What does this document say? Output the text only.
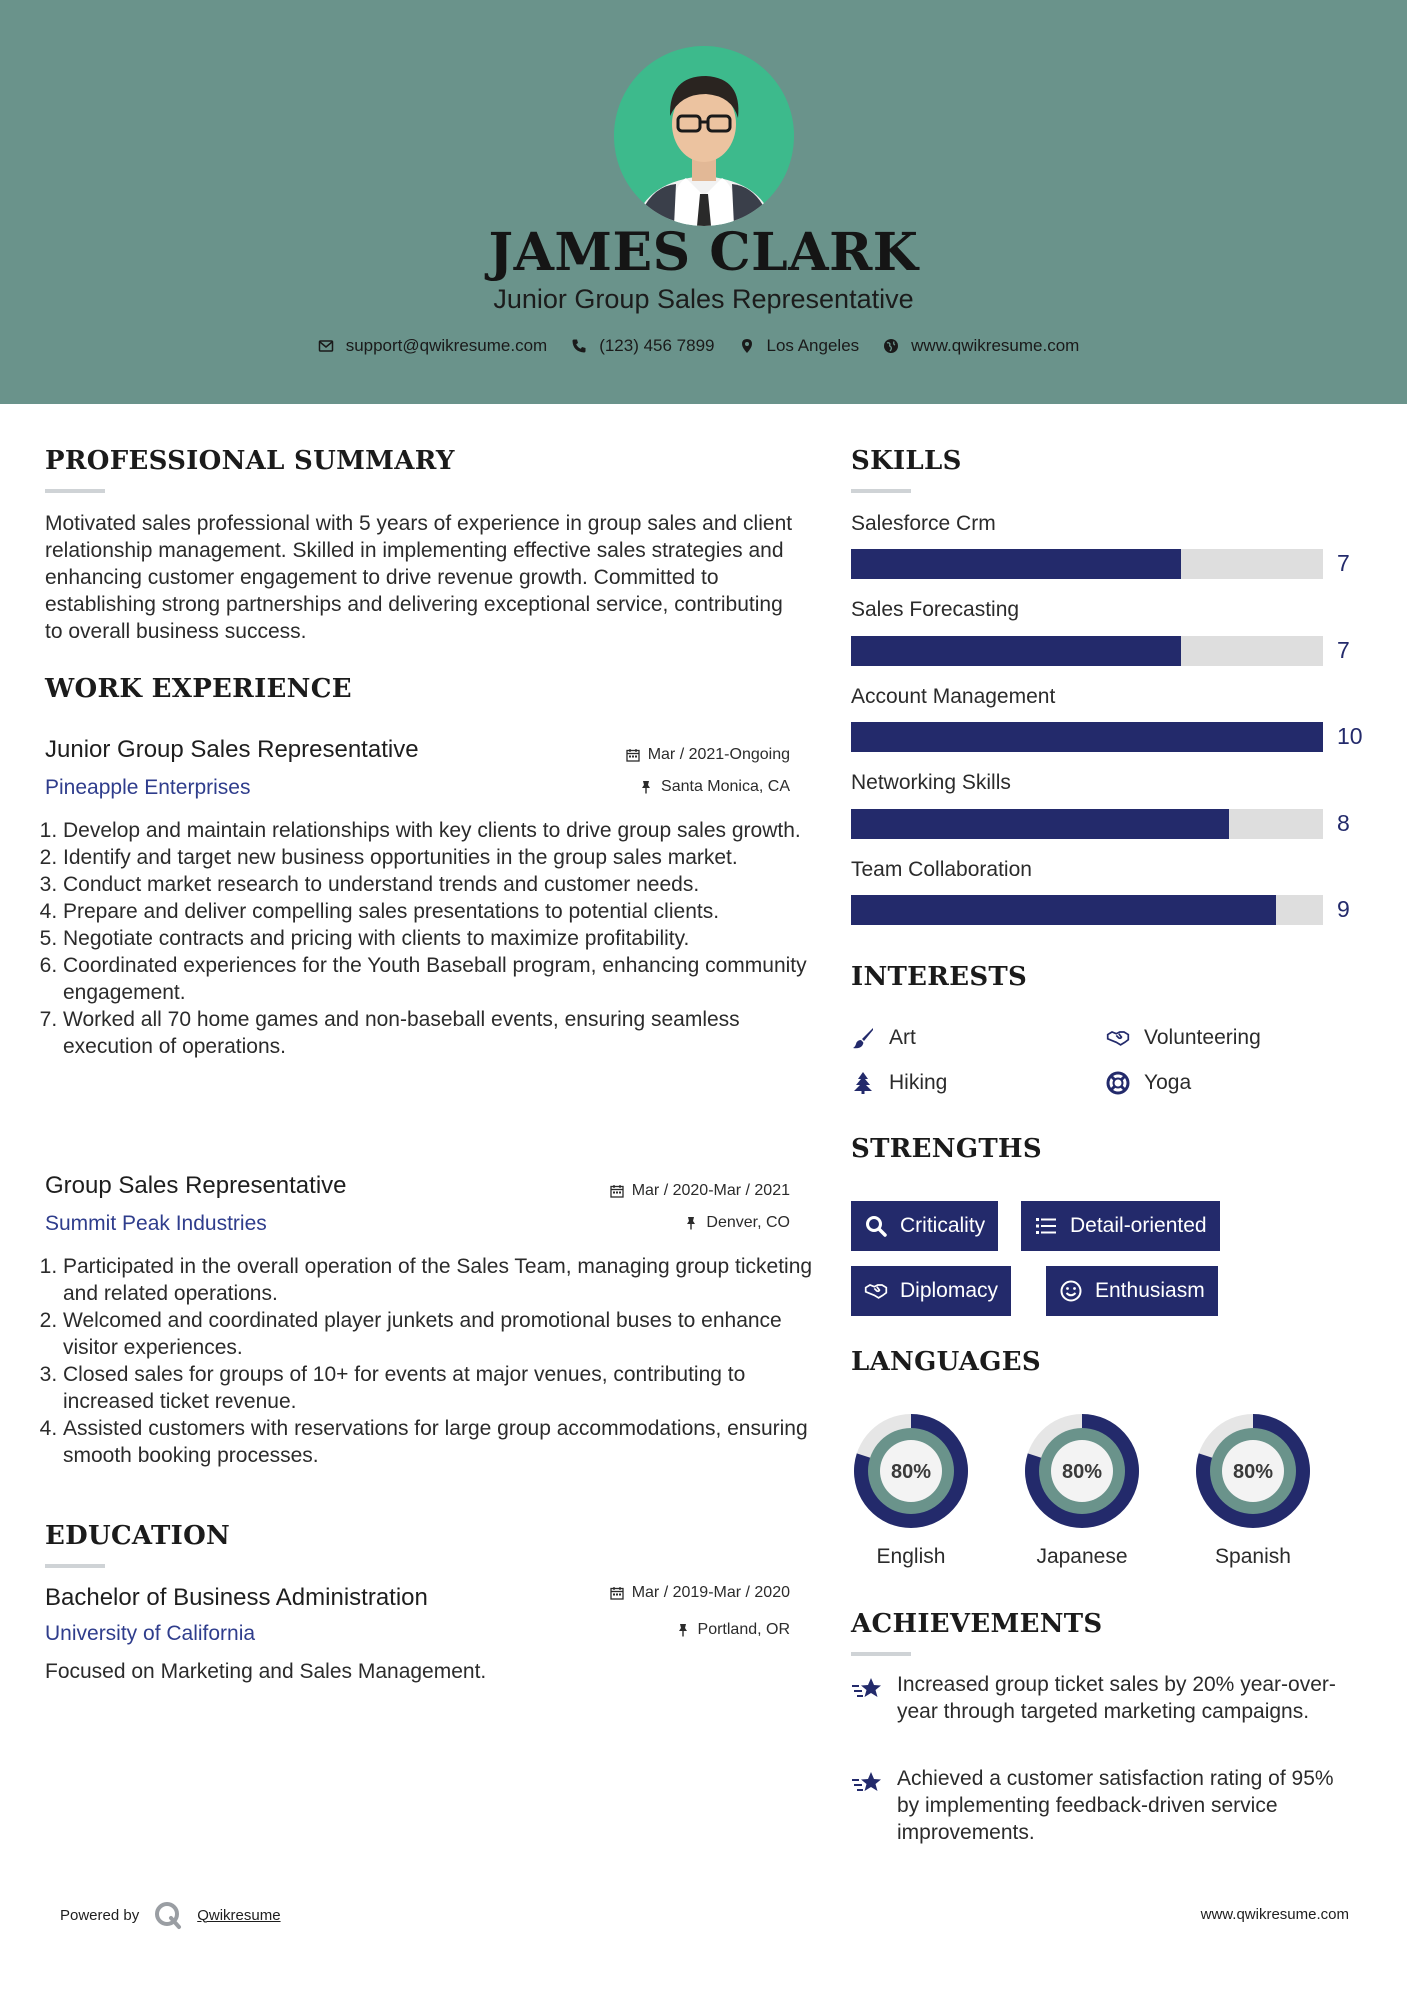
JAMES CLARK
Junior Group Sales Representative
support@qwikresume.com	(123) 456 7899	Los Angeles	www.qwikresume.com
PROFESSIONAL SUMMARY
Motivated sales professional with 5 years of experience in group sales and client relationship management. Skilled in implementing effective sales strategies and enhancing customer engagement to drive revenue growth. Committed to establishing strong partnerships and delivering exceptional service, contributing to overall business success.
WORK EXPERIENCE
Junior Group Sales Representative	Mar / 2021-Ongoing
Pineapple Enterprises	Santa Monica, CA
1. Develop and maintain relationships with key clients to drive group sales growth.
2. Identify and target new business opportunities in the group sales market.
3. Conduct market research to understand trends and customer needs.
4. Prepare and deliver compelling sales presentations to potential clients.
5. Negotiate contracts and pricing with clients to maximize profitability.
6. Coordinated experiences for the Youth Baseball program, enhancing community engagement.
7. Worked all 70 home games and non-baseball events, ensuring seamless execution of operations.
Group Sales Representative	Mar / 2020-Mar / 2021
Summit Peak Industries	Denver, CO
1. Participated in the overall operation of the Sales Team, managing group ticketing and related operations.
2. Welcomed and coordinated player junkets and promotional buses to enhance visitor experiences.
3. Closed sales for groups of 10+ for events at major venues, contributing to increased ticket revenue.
4. Assisted customers with reservations for large group accommodations, ensuring smooth booking processes.
EDUCATION
Bachelor of Business Administration	Mar / 2019-Mar / 2020
University of California	Portland, OR
Focused on Marketing and Sales Management.
SKILLS
Salesforce Crm
7
Sales Forecasting
7
Account Management
10
Networking Skills
8
Team Collaboration
9
INTERESTS
Art	Volunteering
Hiking	Yoga
STRENGTHS
Criticality	Detail-oriented
Diplomacy	Enthusiasm
LANGUAGES
80%	80%	80%
English	Japanese	Spanish
ACHIEVEMENTS
Increased group ticket sales by 20% year-over-year through targeted marketing campaigns.
Achieved a customer satisfaction rating of 95% by implementing feedback-driven service improvements.
Powered by	Qwikresume	www.qwikresume.com
